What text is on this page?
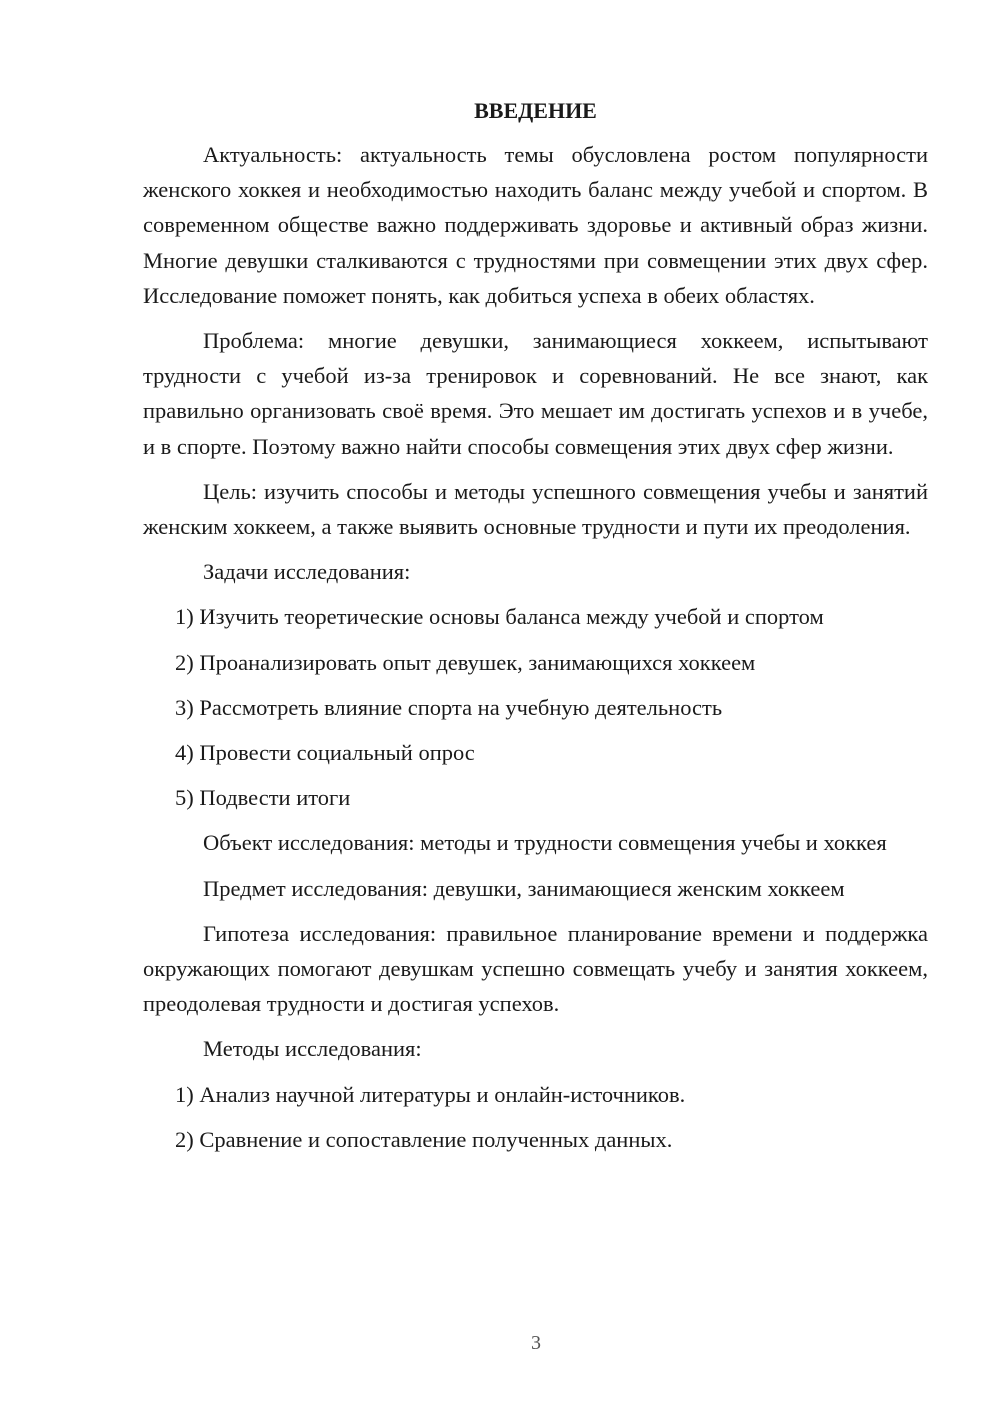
ВВЕДЕНИЕ
Актуальность: актуальность темы обусловлена ростом популярности женского хоккея и необходимостью находить баланс между учебой и спортом. В современном обществе важно поддерживать здоровье и активный образ жизни. Многие девушки сталкиваются с трудностями при совмещении этих двух сфер. Исследование поможет понять, как добиться успеха в обеих областях.
Проблема: многие девушки, занимающиеся хоккеем, испытывают трудности с учебой из-за тренировок и соревнований. Не все знают, как правильно организовать своё время. Это мешает им достигать успехов и в учебе, и в спорте. Поэтому важно найти способы совмещения этих двух сфер жизни.
Цель: изучить способы и методы успешного совмещения учебы и занятий женским хоккеем, а также выявить основные трудности и пути их преодоления.
Задачи исследования:
1) Изучить теоретические основы баланса между учебой и спортом
2) Проанализировать опыт девушек, занимающихся хоккеем
3) Рассмотреть влияние спорта на учебную деятельность
4) Провести социальный опрос
5) Подвести итоги
Объект исследования: методы и трудности совмещения учебы и хоккея
Предмет исследования: девушки, занимающиеся женским хоккеем
Гипотеза исследования: правильное планирование времени и поддержка окружающих помогают девушкам успешно совмещать учебу и занятия хоккеем, преодолевая трудности и достигая успехов.
Методы исследования:
1) Анализ научной литературы и онлайн-источников.
2) Сравнение и сопоставление полученных данных.
3
